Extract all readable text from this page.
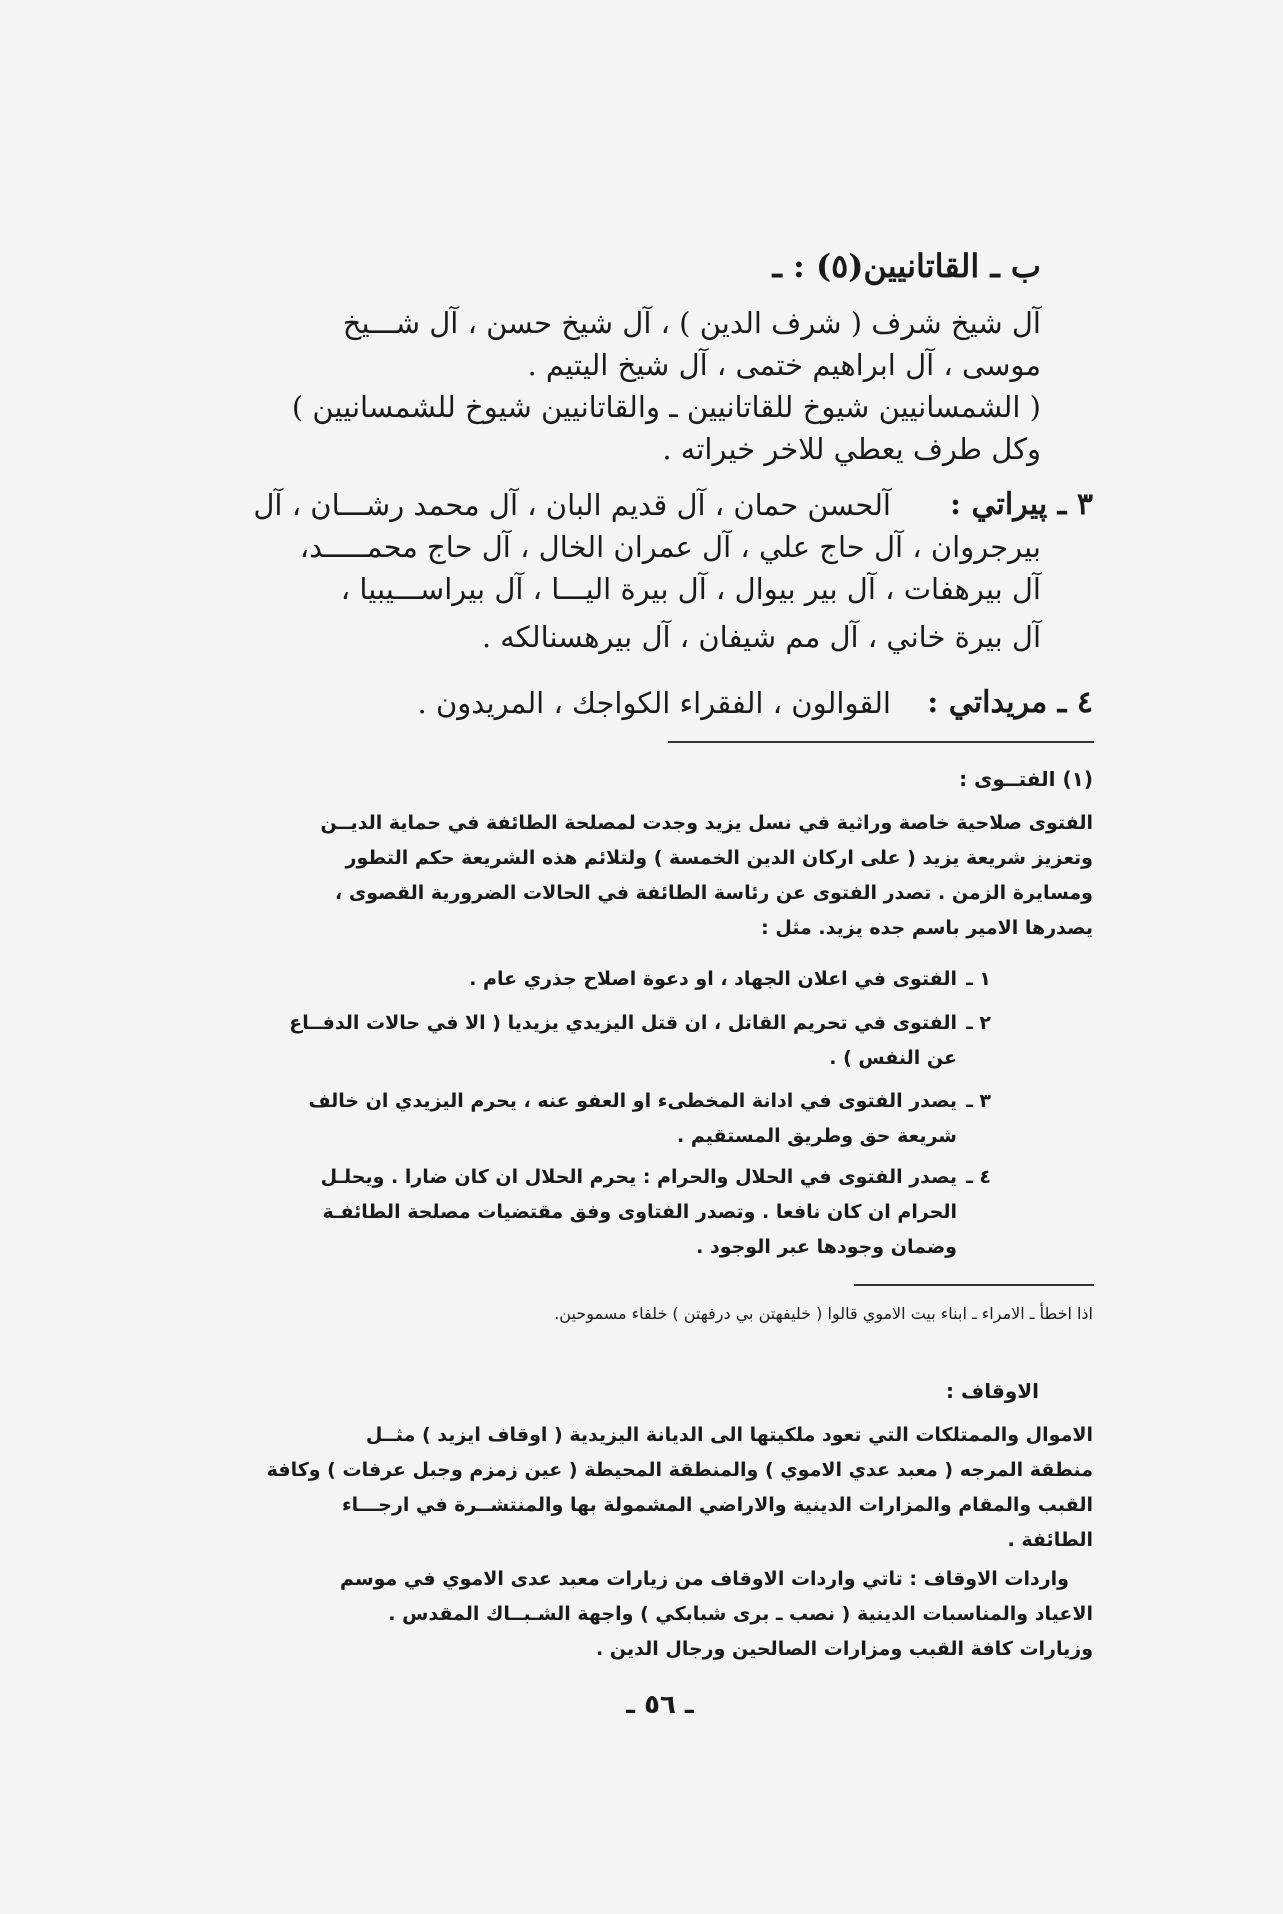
ب ـ القاتانيين(٥) : ـ
آل شيخ شرف ( شرف الدين ) ، آل شيخ حسن ، آل شـــيخ
موسى ، آل ابراهيم ختمى ، آل شيخ اليتيم .
( الشمسانيين شيوخ للقاتانيين ـ والقاتانيين شيوخ للشمسانيين )
وكل طرف يعطي للاخر خيراته .
٣ ـ پيراتي :
آلحسن حمان ، آل قديم البان ، آل محمد رشـــان ، آل
بيرجروان ، آل حاج علي ، آل عمران الخال ، آل حاج محمـــــد،
آل بيرهفات ، آل بير بيوال ، آل بيرة اليـــا ، آل بيراســـيبيا ،
آل بيرة خاني ، آل مم شيفان ، آل بيرهسنالكه .
٤ ـ مريداتي :
القوالون ، الفقراء الكواجك ، المريدون .
(١) الفتــوى :
الفتوى صلاحية خاصة وراثية في نسل يزيد وجدت لمصلحة الطائفة في حماية الديــن
وتعزيز شريعة يزيد ( على اركان الدين الخمسة ) ولتلائم هذه الشريعة حكم التطور
ومسايرة الزمن . تصدر الفتوى عن رئاسة الطائفة في الحالات الضرورية القصوى ،
يصدرها الامير باسم جده يزيد. مثل :
١ ـ
الفتوى في اعلان الجهاد ، او دعوة اصلاح جذري عام .
٢ ـ
الفتوى في تحريم القاتل ، ان قتل اليزيدي يزيديا ( الا في حالات الدفــاع
عن النفس ) .
٣ ـ
يصدر الفتوى في ادانة المخطىء او العفو عنه ، يحرم اليزيدي ان خالف
شريعة حق وطريق المستقيم .
٤ ـ
يصدر الفتوى في الحلال والحرام : يحرم الحلال ان كان ضارا . ويحلـل
الحرام ان كان نافعا . وتصدر الفتاوى وفق مقتضيات مصلحة الطائفـة
وضمان وجودها عبر الوجود .
اذا اخطأ ـ الامراء ـ ابناء بيت الاموي قالوا ( خليفهتن بي درفهتن ) خلفاء مسموحين.
الاوقاف :
الاموال والممتلكات التي تعود ملكيتها الى الديانة اليزيدية ( اوقاف ايزيد ) مثــل
منطقة المرجه ( معبد عدي الاموي ) والمنطقة المحيطة ( عين زمزم وجبل عرفات ) وكافة
القبب والمقام والمزارات الدينية والاراضي المشمولة بها والمنتشــرة في ارجـــاء
الطائفة .
واردات الاوقاف : تاتي واردات الاوقاف من زيارات معبد عدى الاموي في موسم
الاعياد والمناسبات الدينية ( نصب ـ برى شبابكي ) واجهة الشـبــاك المقدس .
وزيارات كافة القبب ومزارات الصالحين ورجال الدين .
ـ ٥٦ ـ
